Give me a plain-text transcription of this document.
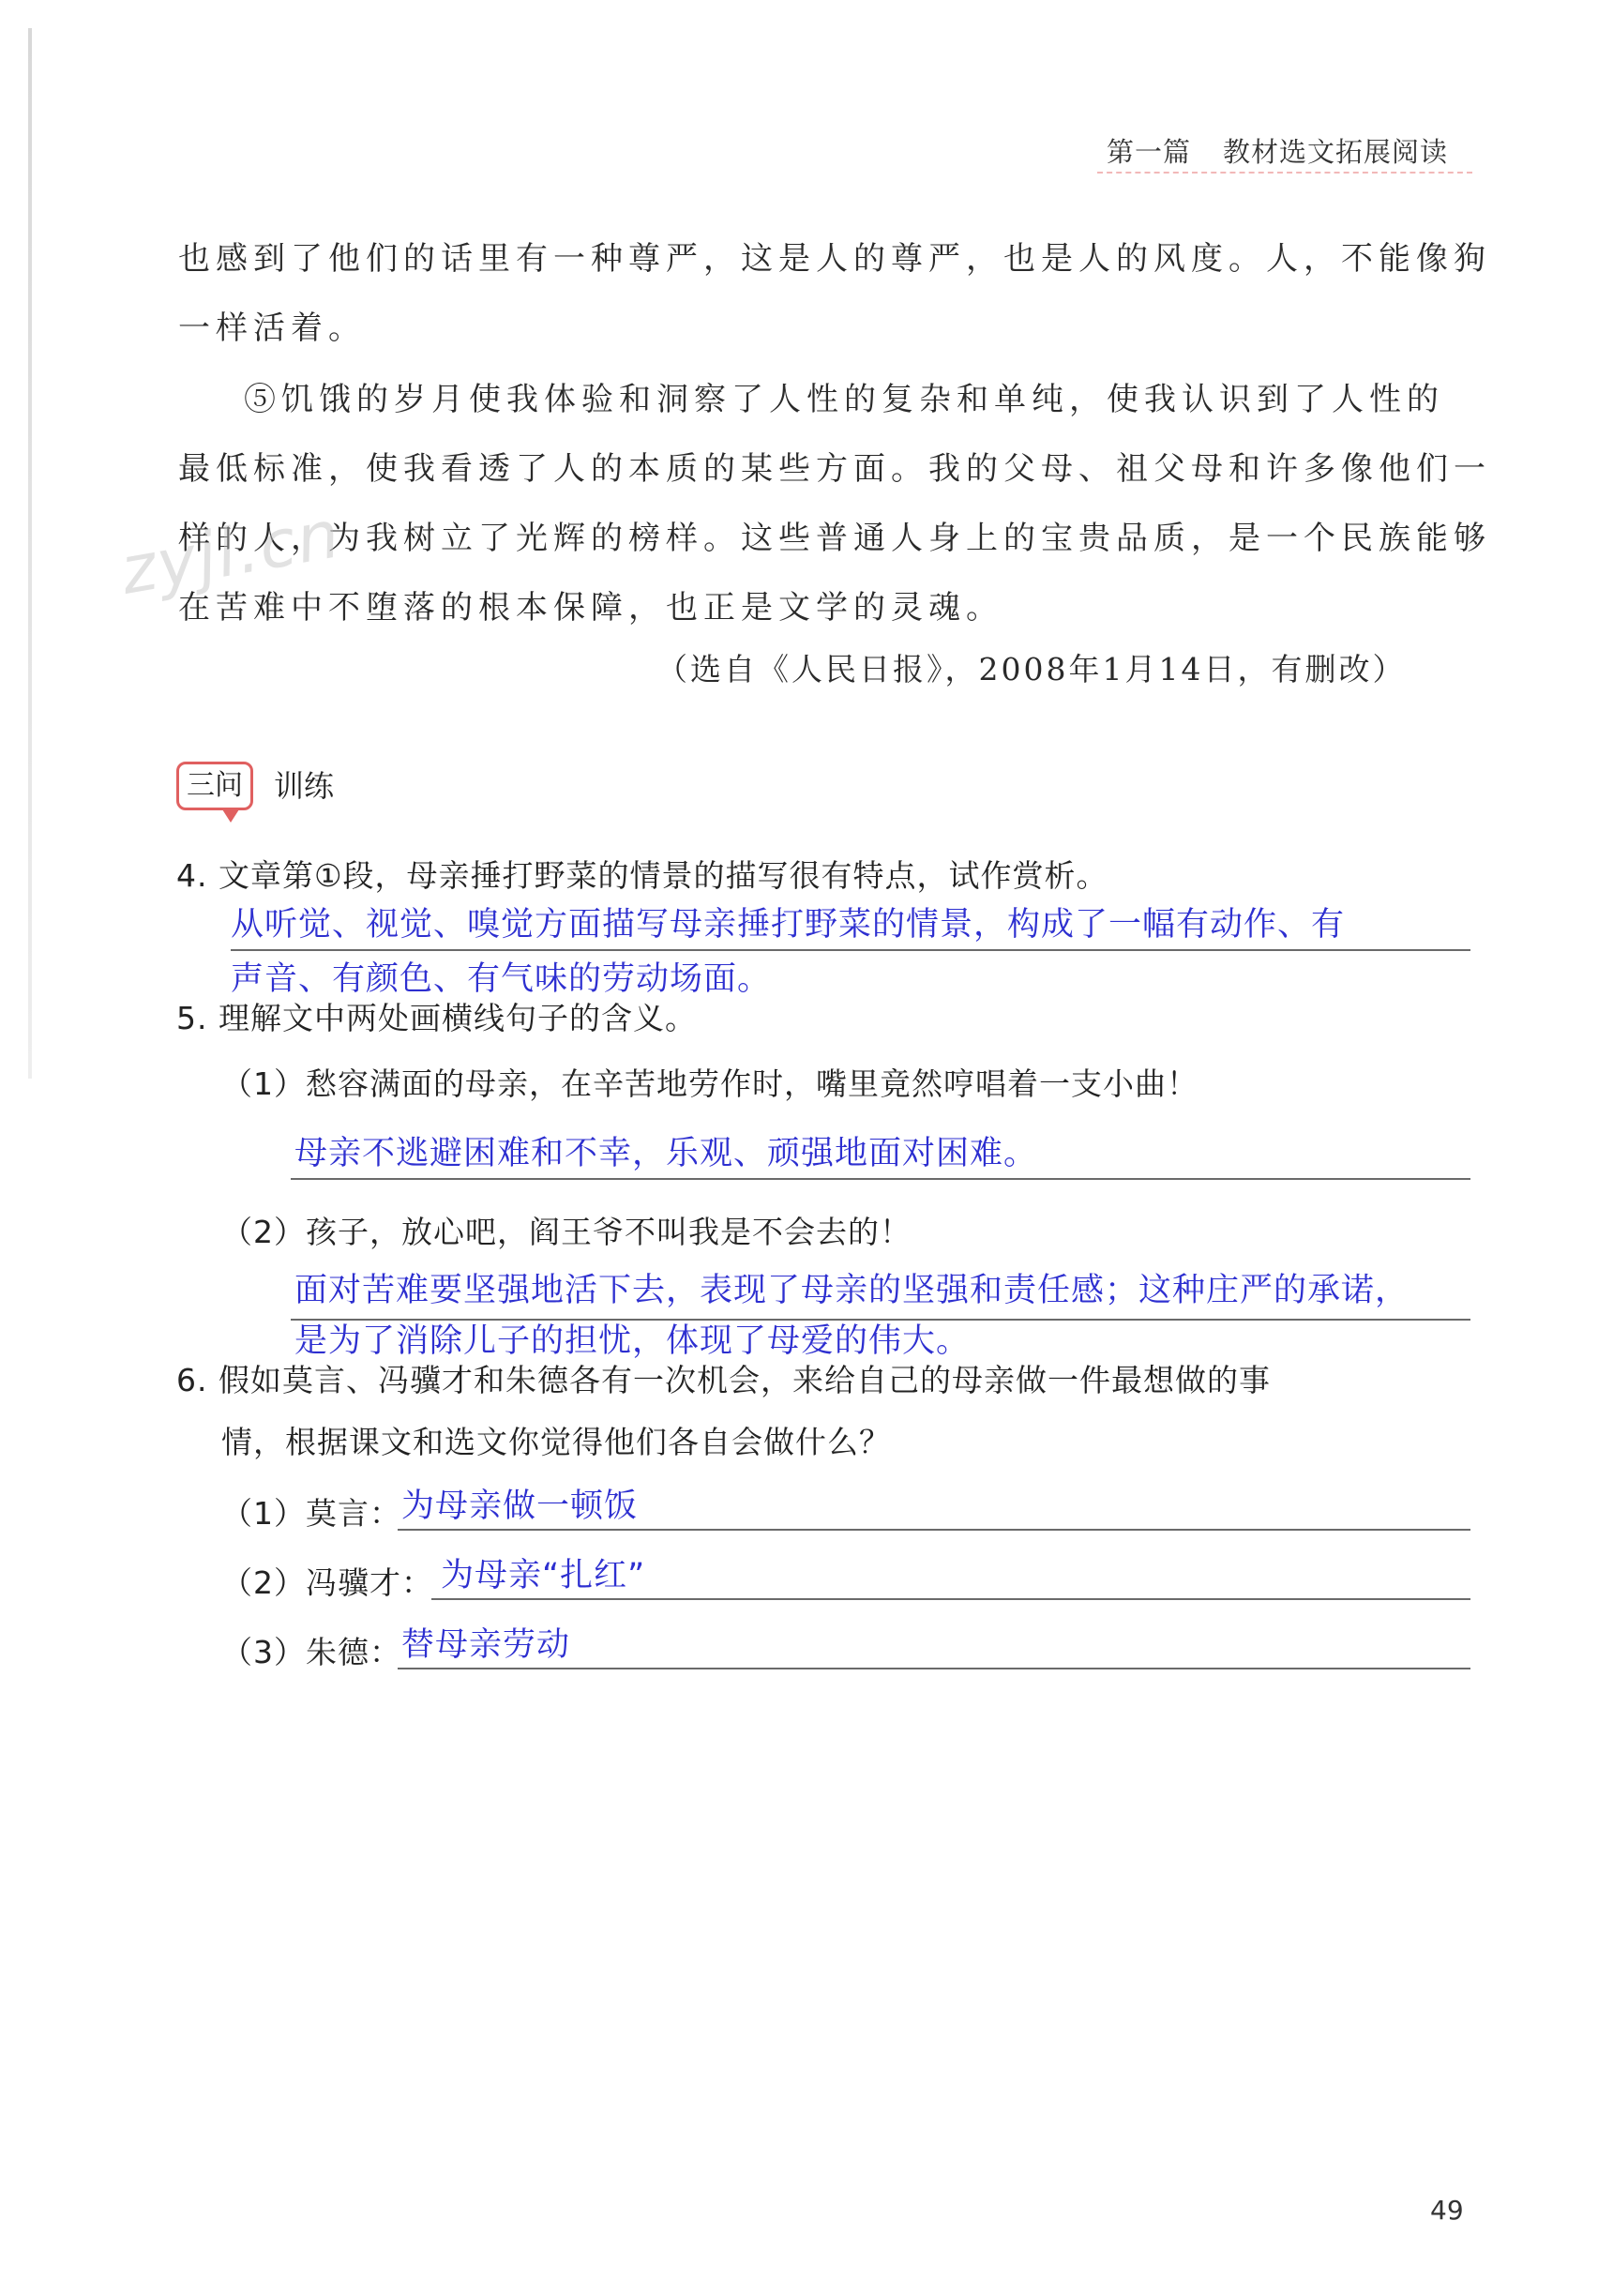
第一篇 教材选文拓展阅读
也感到了他们的话里有一种尊严，这是人的尊严，也是人的风度。人，不能像狗
一样活着。
⑤饥饿的岁月使我体验和洞察了人性的复杂和单纯，使我认识到了人性的
最低标准，使我看透了人的本质的某些方面。我的父母、祖父母和许多像他们一
样的人，为我树立了光辉的榜样。这些普通人身上的宝贵品质，是一个民族能够
在苦难中不堕落的根本保障，也正是文学的灵魂。
（选自《人民日报》，2008年1月14日，有删改）
zyjl.cn
三问	训练
4. 文章第①段，母亲捶打野菜的情景的描写很有特点，试作赏析。
从听觉、视觉、嗅觉方面描写母亲捶打野菜的情景，构成了一幅有动作、有
声音、有颜色、有气味的劳动场面。
5. 理解文中两处画横线句子的含义。
（1）愁容满面的母亲，在辛苦地劳作时，嘴里竟然哼唱着一支小曲！
母亲不逃避困难和不幸，乐观、顽强地面对困难。
（2）孩子，放心吧，阎王爷不叫我是不会去的！
面对苦难要坚强地活下去，表现了母亲的坚强和责任感；这种庄严的承诺，
是为了消除儿子的担忧，体现了母爱的伟大。
6. 假如莫言、冯骥才和朱德各有一次机会，来给自己的母亲做一件最想做的事
情，根据课文和选文你觉得他们各自会做什么？
（1）莫言： 为母亲做一顿饭
（2）冯骥才： 为母亲“扎红”
（3）朱德： 替母亲劳动
49
